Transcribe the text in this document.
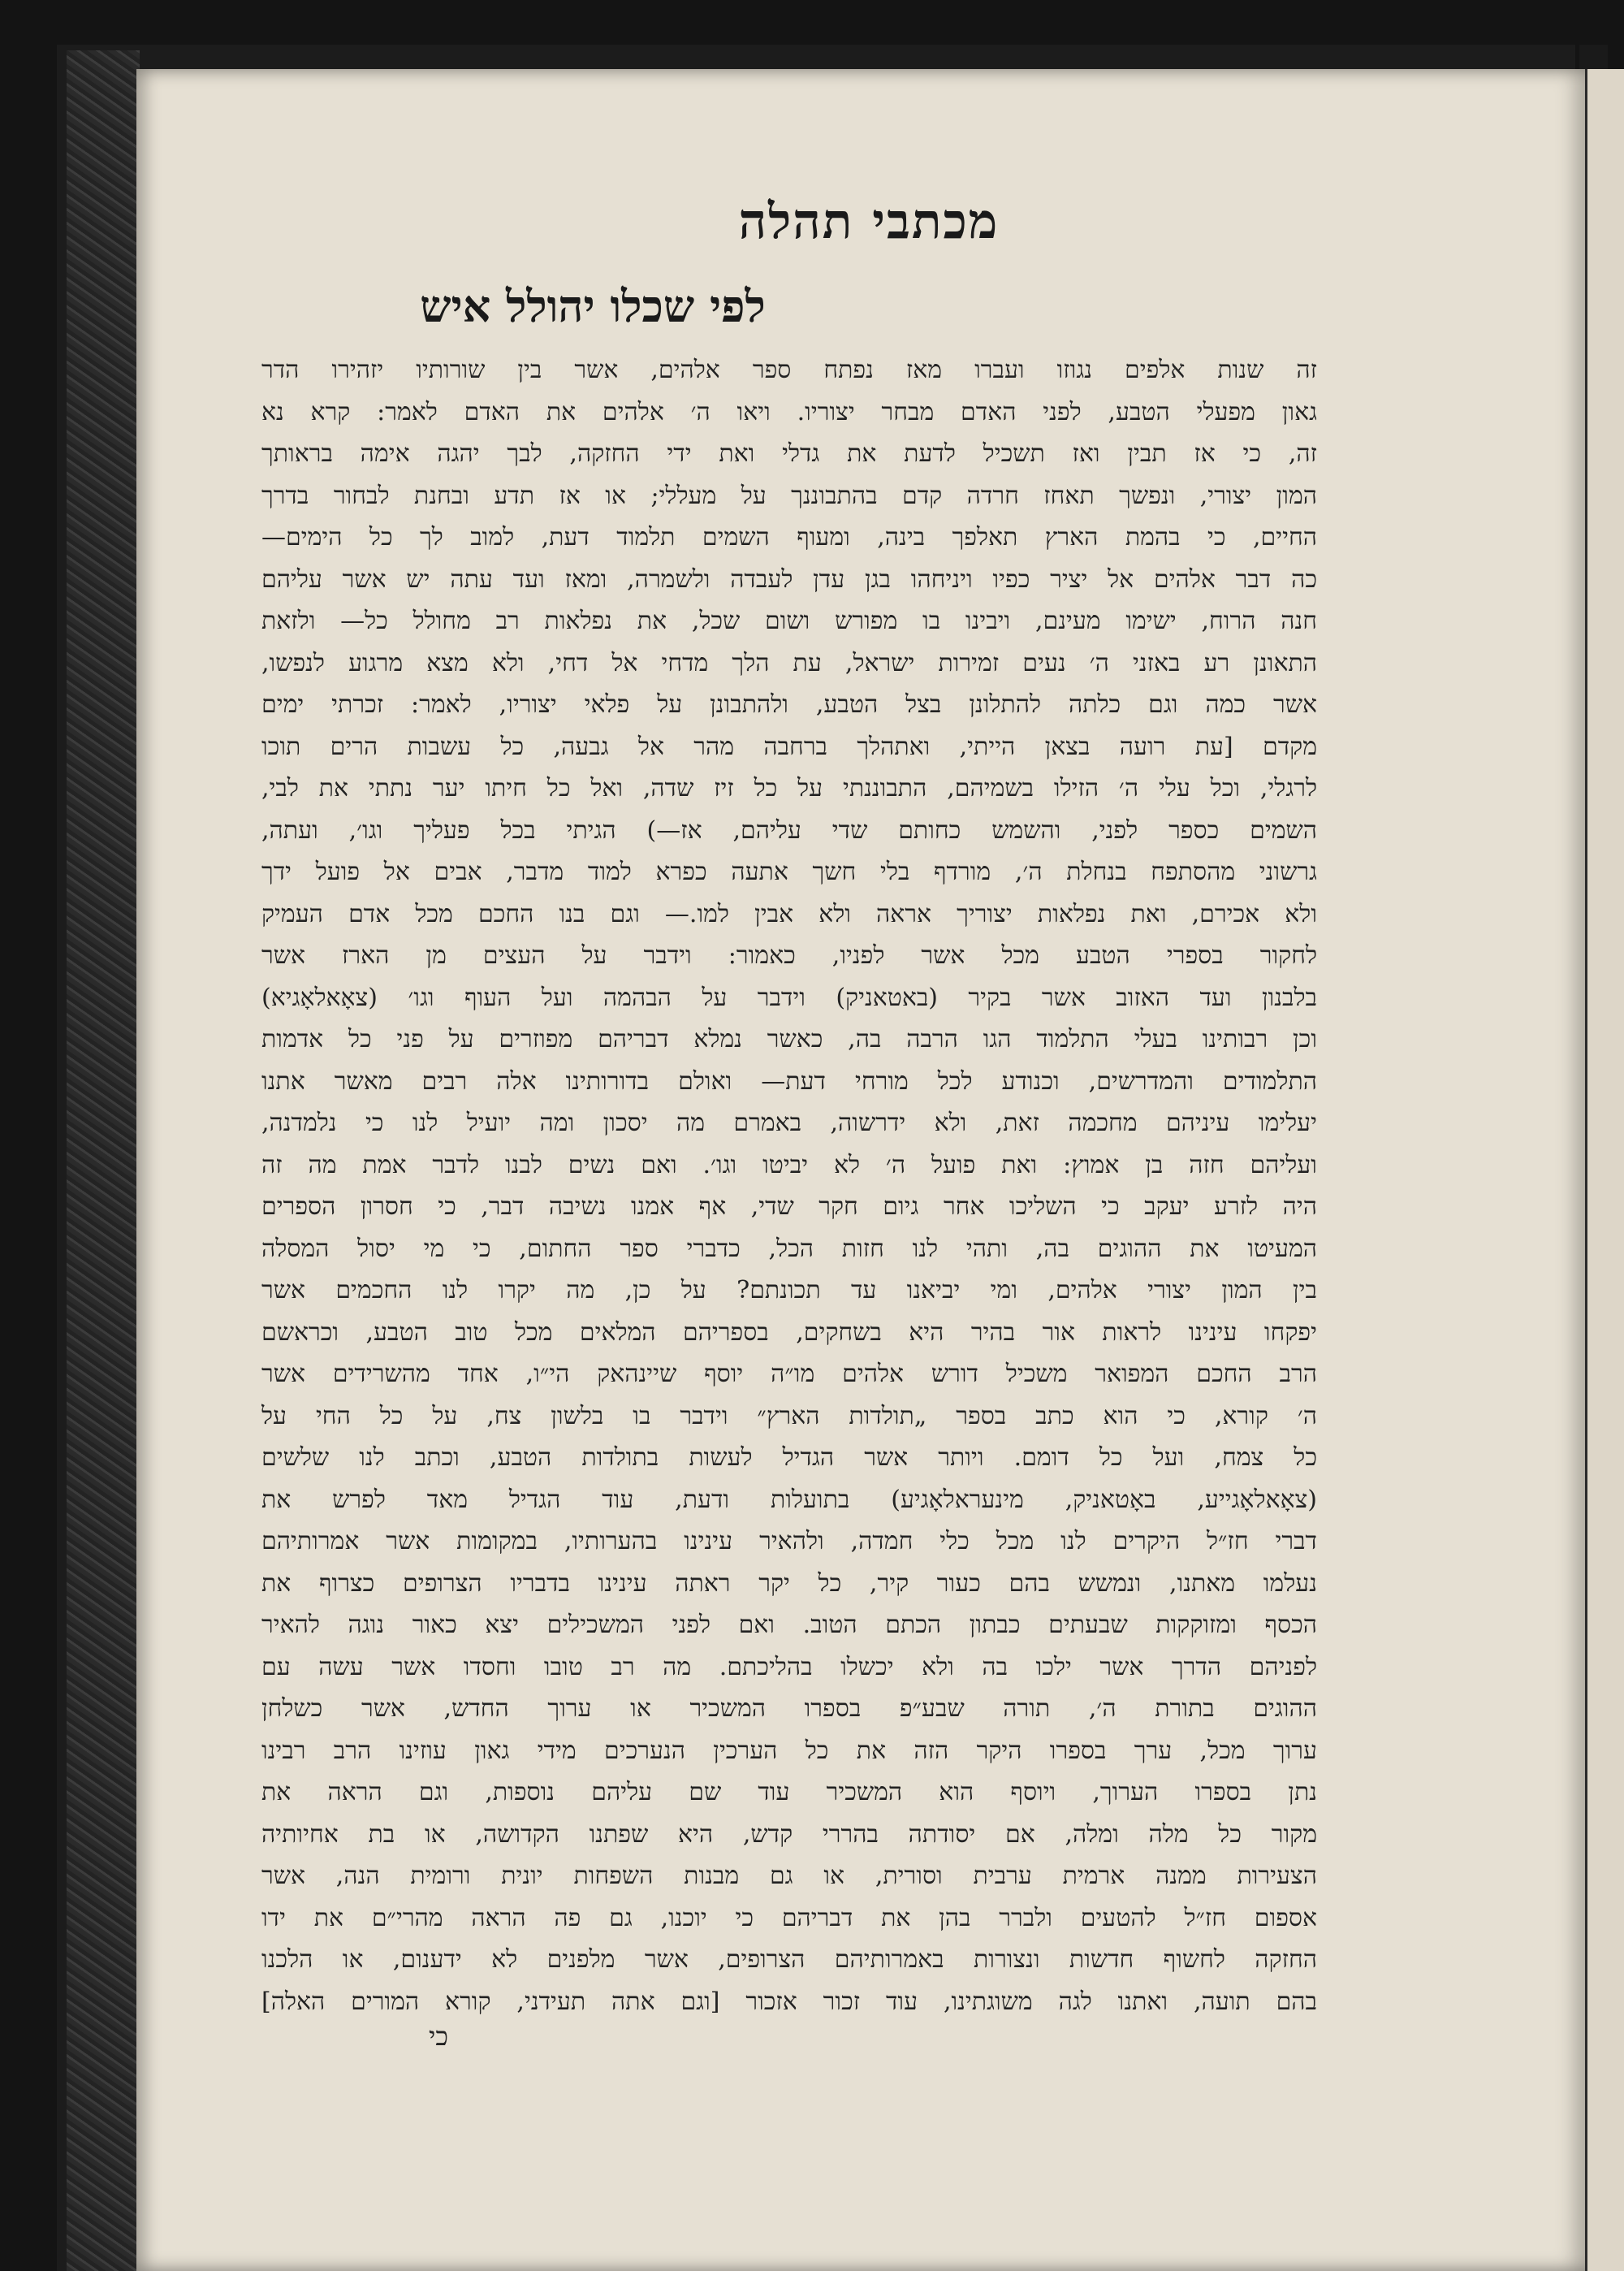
מכתבי תהלה
לפי שכלו יהולל איש
זה שנות אלפים נגוזו ועברו מאז נפתח ספר אלהים, אשר בין שורותיו יזהירו הדר
גאון מפעלי הטבע, לפני האדם מבחר יצוריו. ויאו ה׳ אלהים את האדם לאמר: קרא נא
זה, כי אז תבין ואז תשכיל לדעת את גדלי ואת ידי החזקה, לבך יהגה אימה בראותך
המון יצורי, ונפשך תאחז חרדה קדם בהתבוננך על מעללי; או אז תדע ובחנת לבחור בדרך
החיים, כי בהמת הארץ תאלפך בינה, ומעוף השמים תלמוד דעת, למוב לך כל הימים—
כה דבר אלהים אל יציר כפיו ויניחהו בגן עדן לעבדה ולשמרה, ומאז ועד עתה יש אשר עליהם
חנה הרוח, ישימו מעינם, ויבינו בו מפורש ושום שכל, את נפלאות רב מחולל כל— ולזאת
התאונן רע באזני ה׳ נעים זמירות ישראל, עת הלך מדחי אל דחי, ולא מצא מרגוע לנפשו,
אשר כמה וגם כלתה להתלונן בצל הטבע, ולהתבונן על פלאי יצוריו, לאמר: זכרתי ימים
מקדם [עת רועה בצאן הייתי, ואתהלך ברחבה מהר אל גבעה, כל עשבות הרים תוכו
לרגלי, וכל עלי ה׳ הזילו בשמיהם, התבוננתי על כל זיז שדה, ואל כל חיתו יער נתתי את לבי,
השמים כספר לפני, והשמש כחותם שדי עליהם, אז—) הגיתי בכל פעליך וגו׳, ועתה,
גרשוני מהסתפח בנחלת ה׳, מורדף בלי חשך אתעה כפרא למוד מדבר, אבים אל פועל ידך
ולא אכירם, ואת נפלאות יצוריך אראה ולא אבין למו.— וגם בנו החכם מכל אדם העמיק
לחקור בספרי הטבע מכל אשר לפניו, כאמור: וידבר על העצים מן הארז אשר
בלבנון ועד האזוב אשר בקיר (באטאניק) וידבר על הבהמה ועל העוף וגו׳ (צאָאלאָגיא)
וכן רבותינו בעלי התלמוד הגו הרבה בה, כאשר נמלא דבריהם מפוזרים על פני כל אדמות
התלמודים והמדרשים, וכנודע לכל מורחי דעת— ואולם בדורותינו אלה רבים מאשר אתנו
יעלימו עיניהם מחכמה זאת, ולא ידרשוה, באמרם מה יסכון ומה יועיל לנו כי נלמדנה,
ועליהם חזה בן אמוץ: ואת פועל ה׳ לא יביטו וגו׳. ואם נשים לבנו לדבר אמת מה זה
היה לזרע יעקב כי השליכו אחר גיום חקר שדי, אף אמנו נשיבה דבר, כי חסרון הספרים
המעיטו את ההוגים בה, ותהי לנו חזות הכל, כדברי ספר החתום, כי מי יסול המסלה
בין המון יצורי אלהים, ומי יביאנו עד תכונתם? על כן, מה יקרו לנו החכמים אשר
יפקחו עינינו לראות אור בהיר היא בשחקים, בספריהם המלאים מכל טוב הטבע, וכראשם
הרב החכם המפואר משכיל דורש אלהים מו״ה יוסף שיינהאק הי״ו, אחד מהשרידים אשר
ה׳ קורא, כי הוא כתב בספר „תולדות הארץ״ וידבר בו בלשון צח, על כל החי על
כל צמח, ועל כל דומם. ויותר אשר הגדיל לעשות בתולדות הטבע, וכתב לנו שלשים
(צאָאלאָגייע, באָטאניק, מינעראלאָגיע) בתועלות ודעת, עוד הגדיל מאד לפרש את
דברי חז״ל היקרים לנו מכל כלי חמדה, ולהאיר עינינו בהערותיו, במקומות אשר אמרותיהם
נעלמו מאתנו, ונמשש בהם כעור קיר, כל יקר ראתה עינינו בדבריו הצרופים כצרוף את
הכסף ומזוקקות שבעתים כבתון הכתם הטוב. ואם לפני המשכילים יצא כאור נוגה להאיר
לפניהם הדרך אשר ילכו בה ולא יכשלו בהליכתם. מה רב טובו וחסדו אשר עשה עם
ההוגים בתורת ה׳, תורה שבע״פ בספרו המשכיר או ערוך החדש, אשר כשלחן
ערוך מכל, ערך בספרו היקר הזה את כל הערכין הנערכים מידי גאון עוזינו הרב רבינו
נתן בספרו הערוך, ויוסף הוא המשכיר עוד שם עליהם נוספות, וגם הראה את
מקור כל מלה ומלה, אם יסודתה בהררי קדש, היא שפתנו הקדושה, או בת אחיותיה
הצעירות ממנה ארמית ערבית וסורית, או גם מבנות השפחות יונית ורומית הנה, אשר
אספום חז״ל להטעים ולברר בהן את דבריהם כי יוכנו, גם פה הראה מהרי״ם את ידו
החזקה לחשוף חדשות ונצורות באמרותיהם הצרופים, אשר מלפנים לא ידענום, או הלכנו
בהם תועה, ואתנו לגה משוגתינו, עוד זכור אזכור [וגם אתה תעידני, קורא המורים האלה]
כי
